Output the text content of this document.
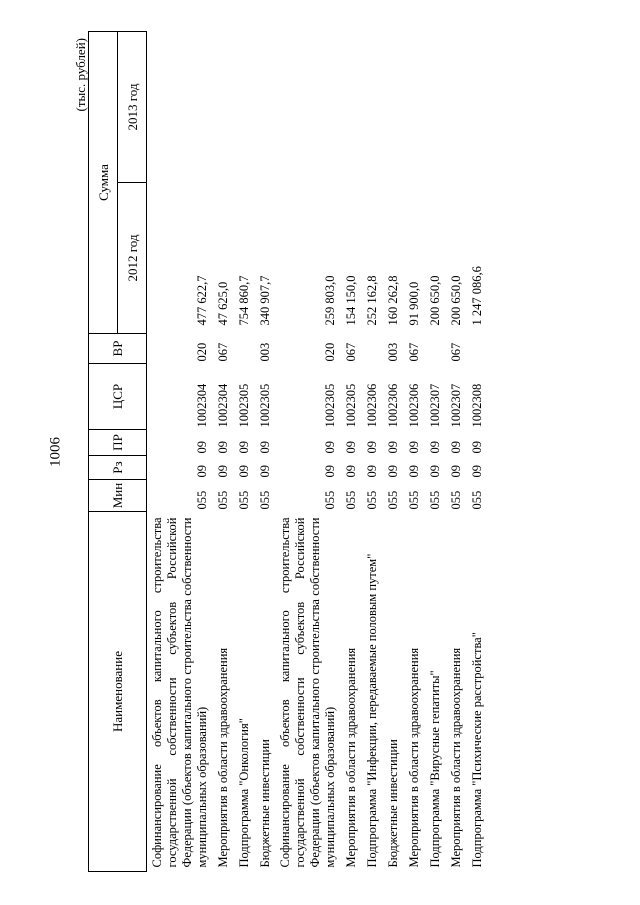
1006
(тыс. рублей)
Наименование	Мин	Рз	ПР	ЦСР	ВР	Сумма	
						2012 год	2013 год
Софинансирование объектов капитального строительства государственной собственности субъектов Российской Федерации (объектов капитального строительства собственности муниципальных образований)	055	09	09	1002304	020	477 622,7	
Мероприятия в области здравоохранения	055	09	09	1002304	067	47 625,0	
Подпрограмма "Онкология"	055	09	09	1002305		754 860,7	
Бюджетные инвестиции	055	09	09	1002305	003	340 907,7	
Софинансирование объектов капитального строительства государственной собственности субъектов Российской Федерации (объектов капитального строительства собственности муниципальных образований)	055	09	09	1002305	020	259 803,0	
Мероприятия в области здравоохранения	055	09	09	1002305	067	154 150,0	
Подпрограмма "Инфекции, передаваемые половым путем"	055	09	09	1002306		252 162,8	
Бюджетные инвестиции	055	09	09	1002306	003	160 262,8	
Мероприятия в области здравоохранения	055	09	09	1002306	067	91 900,0	
Подпрограмма "Вирусные гепатиты"	055	09	09	1002307		200 650,0	
Мероприятия в области здравоохранения	055	09	09	1002307	067	200 650,0	
Подпрограмма "Психические расстройства"	055	09	09	1002308		1 247 086,6	
